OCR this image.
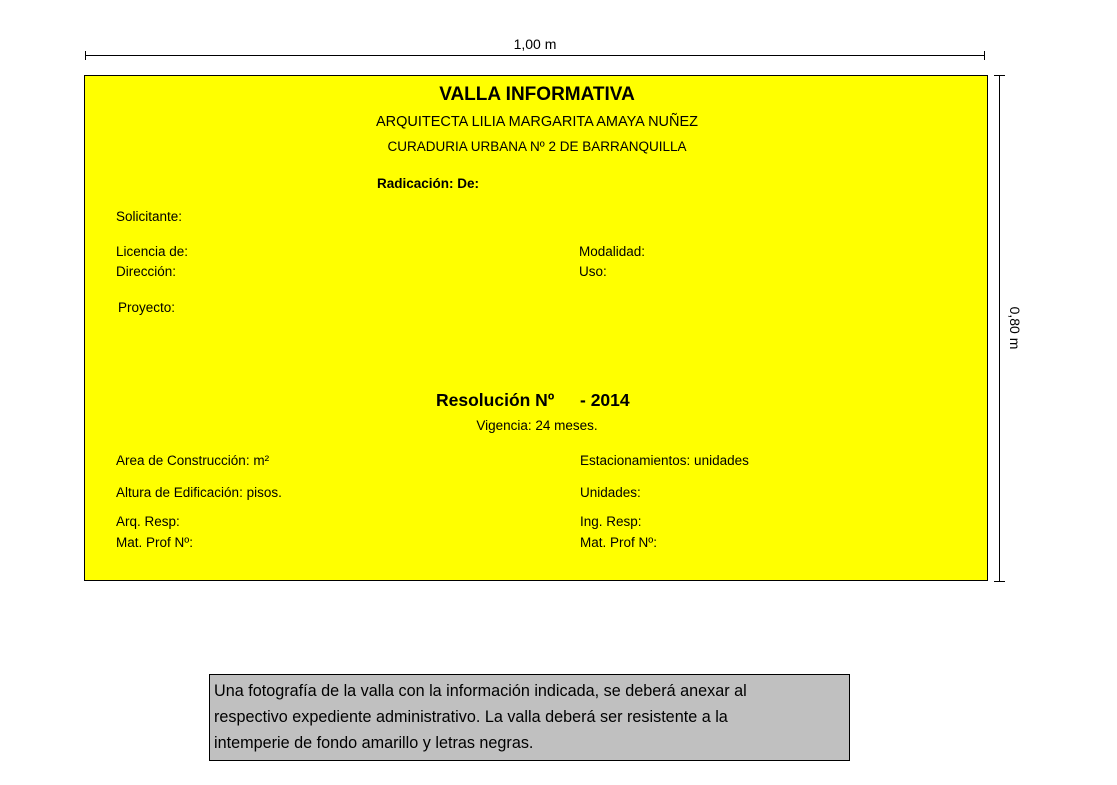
1,00 m
0,80 m
VALLA INFORMATIVA
ARQUITECTA LILIA MARGARITA AMAYA NUÑEZ
CURADURIA URBANA Nº 2 DE BARRANQUILLA
Radicación: De:
Solicitante:
Licencia de:
Dirección:
Modalidad:
Uso:
Proyecto:
Resolución Nº - 2014
Vigencia: 24 meses.
Area de Construcción: m²	Estacionamientos: unidades
Altura de Edificación: pisos.	Unidades:
Arq. Resp:
Mat. Prof Nº:
Ing. Resp:
Mat. Prof Nº:
Una fotografía de la valla con la información indicada, se deberá anexar al
respectivo expediente administrativo. La valla deberá ser resistente a la
intemperie de fondo amarillo y letras negras.
